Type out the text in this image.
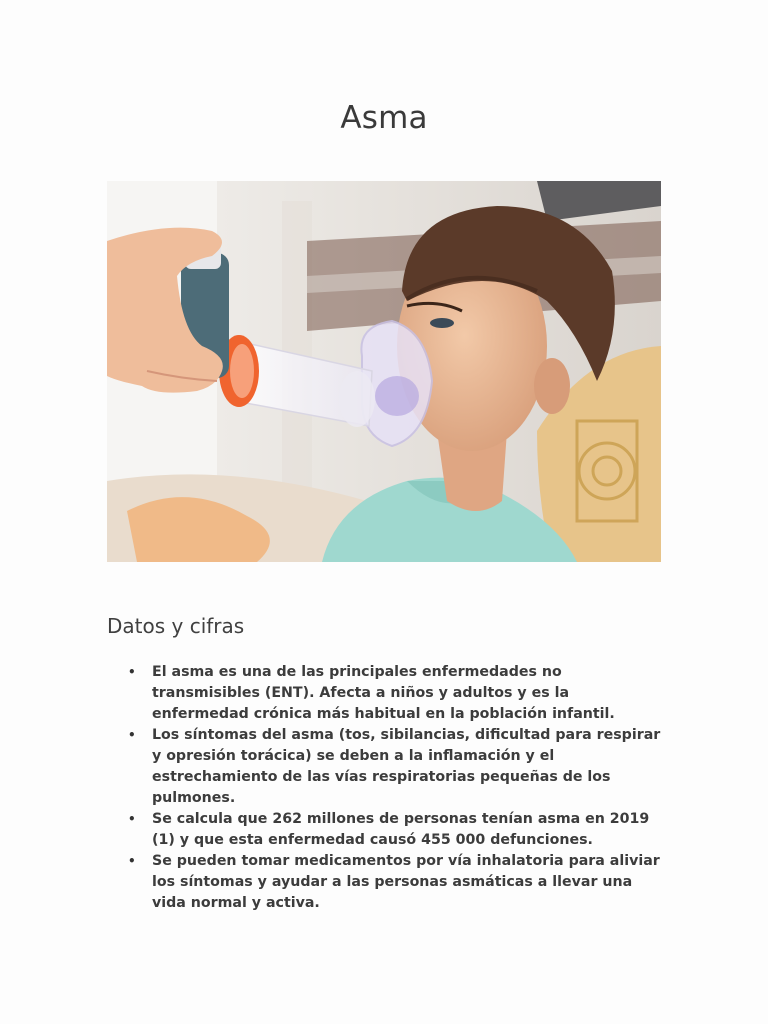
Asma
Datos y cifras
• El asma es una de las principales enfermedades no transmisibles (ENT). Afecta a niños y adultos y es la enfermedad crónica más habitual en la población infantil.
• Los síntomas del asma (tos, sibilancias, dificultad para respirar y opresión torácica) se deben a la inflamación y el estrechamiento de las vías respiratorias pequeñas de los pulmones.
• Se calcula que 262 millones de personas tenían asma en 2019 (1) y que esta enfermedad causó 455 000 defunciones.
• Se pueden tomar medicamentos por vía inhalatoria para aliviar los síntomas y ayudar a las personas asmáticas a llevar una vida normal y activa.
